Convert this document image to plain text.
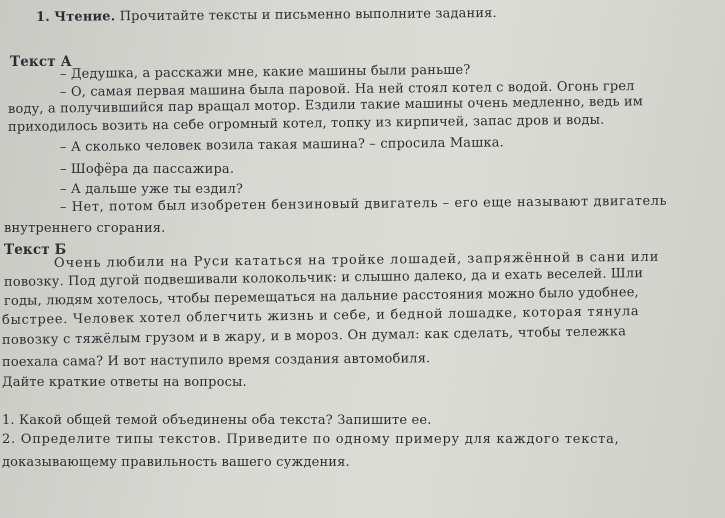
1. Чтение. Прочитайте тексты и письменно выполните задания.
Текст А
– Дедушка, а расскажи мне, какие машины были раньше?
– О, самая первая машина была паровой. На ней стоял котел с водой. Огонь грел
воду, а получившийся пар вращал мотор. Ездили такие машины очень медленно, ведь им
приходилось возить на себе огромный котел, топку из кирпичей, запас дров и воды.
– А сколько человек возила такая машина? – спросила Машка.
– Шофёра да пассажира.
– А дальше уже ты ездил?
– Нет, потом был изобретен бензиновый двигатель – его еще называют двигатель
внутреннего сгорания.
Текст Б
Очень любили на Руси кататься на тройке лошадей, запряжённой в сани или
повозку. Под дугой подвешивали колокольчик: и слышно далеко, да и ехать веселей. Шли
годы, людям хотелось, чтобы перемещаться на дальние расстояния можно было удобнее,
быстрее. Человек хотел облегчить жизнь и себе, и бедной лошадке, которая тянула
повозку с тяжёлым грузом и в жару, и в мороз. Он думал: как сделать, чтобы тележка
поехала сама? И вот наступило время создания автомобиля.
Дайте краткие ответы на вопросы.
1. Какой общей темой объединены оба текста? Запишите ее.
2. Определите типы текстов. Приведите по одному примеру для каждого текста,
доказывающему правильность вашего суждения.
